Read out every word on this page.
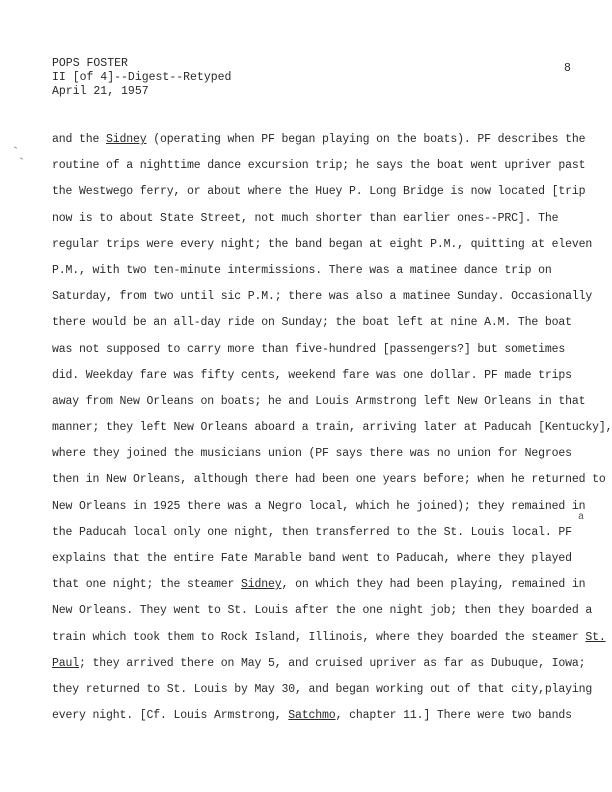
POPS FOSTER
II [of 4]--Digest--Retyped
April 21, 1957
8
a
and the Sidney (operating when PF began playing on the boats). PF describes the
routine of a nighttime dance excursion trip; he says the boat went upriver past
the Westwego ferry, or about where the Huey P. Long Bridge is now located [trip
now is to about State Street, not much shorter than earlier ones--PRC]. The
regular trips were every night; the band began at eight P.M., quitting at eleven
P.M., with two ten-minute intermissions. There was a matinee dance trip on
Saturday, from two until sic P.M.; there was also a matinee Sunday. Occasionally
there would be an all-day ride on Sunday; the boat left at nine A.M. The boat
was not supposed to carry more than five-hundred [passengers?] but sometimes
did. Weekday fare was fifty cents, weekend fare was one dollar. PF made trips
away from New Orleans on boats; he and Louis Armstrong left New Orleans in that
manner; they left New Orleans aboard a train, arriving later at Paducah [Kentucky],
where they joined the musicians union (PF says there was no union for Negroes
then in New Orleans, although there had been one years before; when he returned to
New Orleans in 1925 there was a Negro local, which he joined); they remained in
the Paducah local only one night, then transferred to the St. Louis local. PF
explains that the entire Fate Marable band went to Paducah, where they played
that one night; the steamer Sidney, on which they had been playing, remained in
New Orleans. They went to St. Louis after the one night job; then they boarded a
train which took them to Rock Island, Illinois, where they boarded the steamer St.
Paul; they arrived there on May 5, and cruised upriver as far as Dubuque, Iowa;
they returned to St. Louis by May 30, and began working out of that city,playing
every night. [Cf. Louis Armstrong, Satchmo, chapter 11.] There were two bands
